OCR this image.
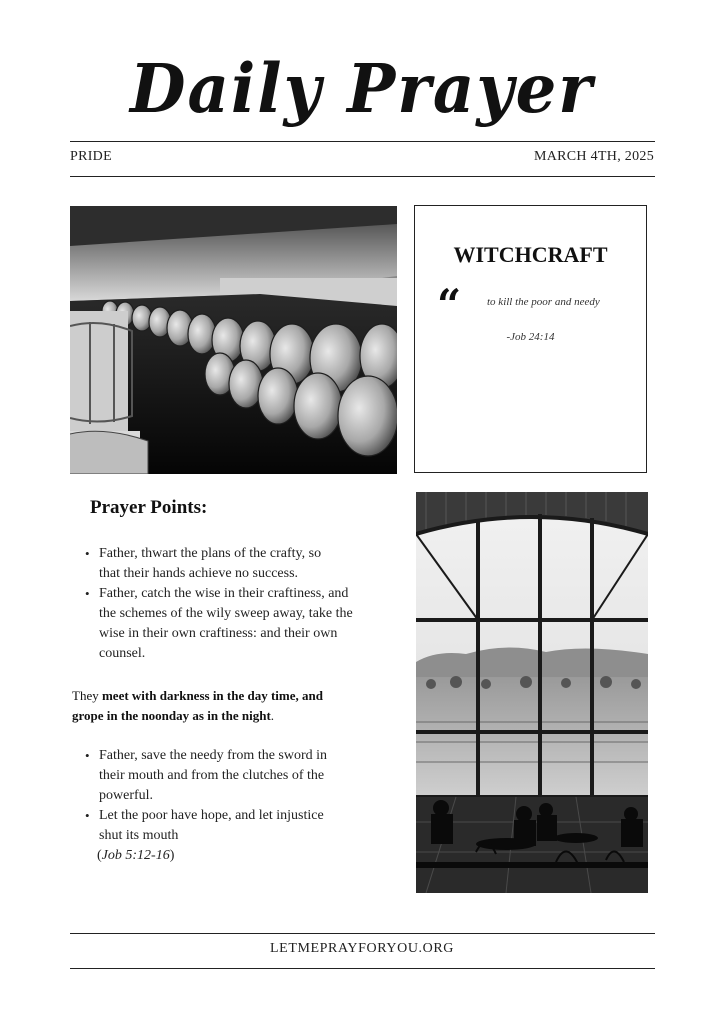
Daily Prayer
PRIDE	MARCH 4TH, 2025
WITCHCRAFT
“ to kill the poor and needy
-Job 24:14
Prayer Points:
• Father, thwart the plans of the crafty, so
that their hands achieve no success.
• Father, catch the wise in their craftiness, and
the schemes of the wily sweep away, take the
wise in their own craftiness: and their own
counsel.
They meet with darkness in the day time, and
grope in the noonday as in the night.
• Father, save the needy from the sword in
their mouth and from the clutches of the
powerful.
• Let the poor have hope, and let injustice
shut its mouth
(Job 5:12-16)
LETMEPRAYFORYOU.ORG
